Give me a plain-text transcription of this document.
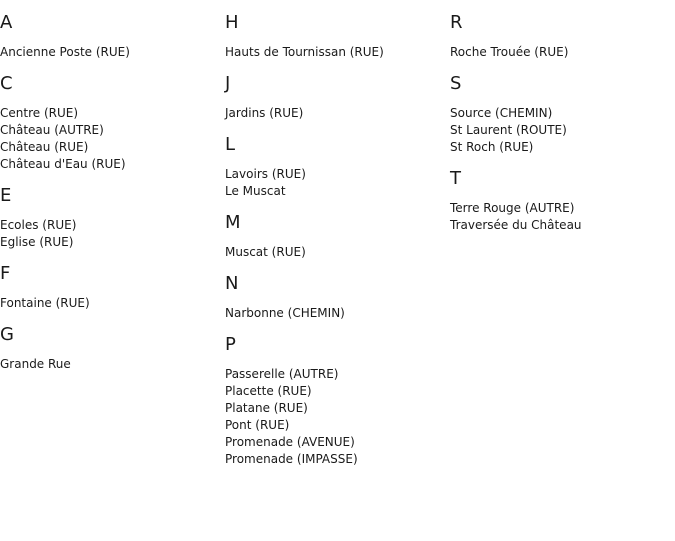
A
Ancienne Poste (RUE)
C
Centre (RUE)
Château (AUTRE)
Château (RUE)
Château d'Eau (RUE)
E
Ecoles (RUE)
Eglise (RUE)
F
Fontaine (RUE)
G
Grande Rue
H
Hauts de Tournissan (RUE)
J
Jardins (RUE)
L
Lavoirs (RUE)
Le Muscat
M
Muscat (RUE)
N
Narbonne (CHEMIN)
P
Passerelle (AUTRE)
Placette (RUE)
Platane (RUE)
Pont (RUE)
Promenade (AVENUE)
Promenade (IMPASSE)
R
Roche Trouée (RUE)
S
Source (CHEMIN)
St Laurent (ROUTE)
St Roch (RUE)
T
Terre Rouge (AUTRE)
Traversée du Château
